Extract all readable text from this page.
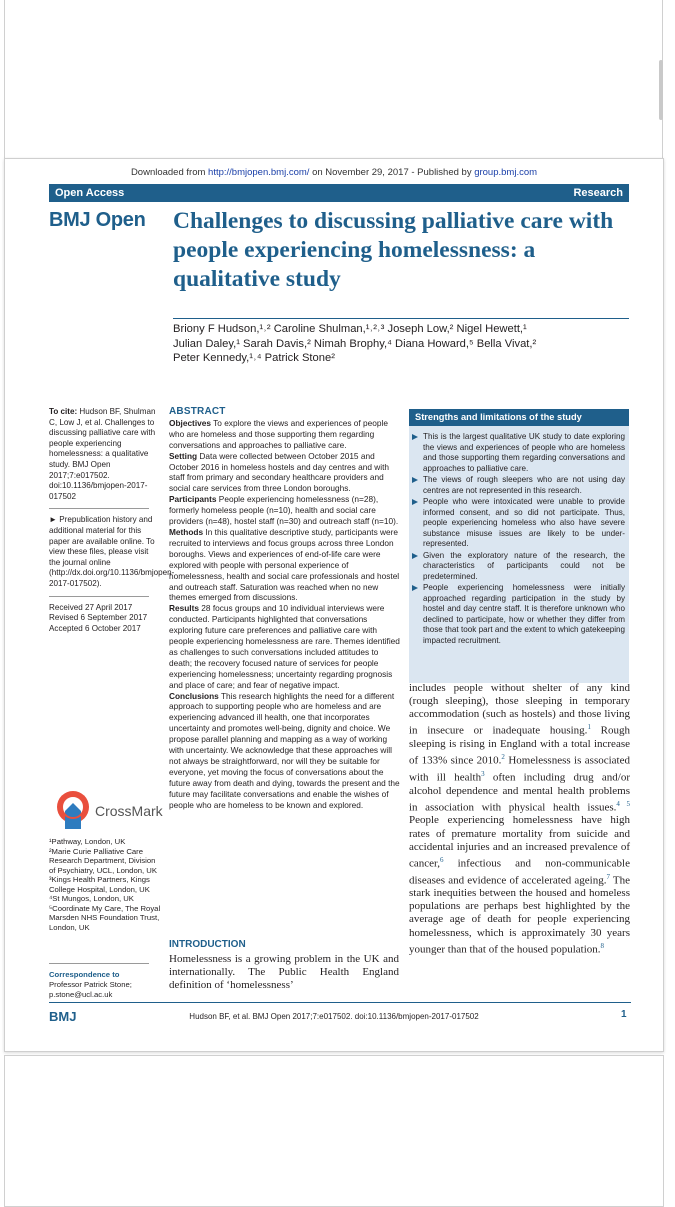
Downloaded from http://bmjopen.bmj.com/ on November 29, 2017 - Published by group.bmj.com
Open Access	Research
BMJ Open Challenges to discussing palliative care with people experiencing homelessness: a qualitative study
Briony F Hudson,¹˒² Caroline Shulman,¹˒²˒³ Joseph Low,² Nigel Hewett,¹
Julian Daley,¹ Sarah Davis,² Nimah Brophy,⁴ Diana Howard,⁵ Bella Vivat,²
Peter Kennedy,¹˒⁴ Patrick Stone²
To cite: Hudson BF, Shulman C, Low J, et al. Challenges to discussing palliative care with people experiencing homelessness: a qualitative study. BMJ Open 2017;7:e017502. doi:10.1136/bmjopen-2017-017502
► Prepublication history and additional material for this paper are available online. To view these files, please visit the journal online (http://dx.doi.org/10.1136/bmjopen-2017-017502).
Received 27 April 2017
Revised 6 September 2017
Accepted 6 October 2017
CrossMark
¹Pathway, London, UK
²Marie Curie Palliative Care Research Department, Division of Psychiatry, UCL, London, UK
³Kings Health Partners, Kings College Hospital, London, UK
⁴St Mungos, London, UK
⁵Coordinate My Care, The Royal Marsden NHS Foundation Trust, London, UK
Correspondence to
Professor Patrick Stone;
p.stone@ucl.ac.uk
ABSTRACT

Objectives To explore the views and experiences of people who are homeless and those supporting them regarding conversations and approaches to palliative care.

Setting Data were collected between October 2015 and October 2016 in homeless hostels and day centres and with staff from primary and secondary healthcare providers and social care services from three London boroughs.

Participants People experiencing homelessness (n=28), formerly homeless people (n=10), health and social care providers (n=48), hostel staff (n=30) and outreach staff (n=10).

Methods In this qualitative descriptive study, participants were recruited to interviews and focus groups across three London boroughs. Views and experiences of end-of-life care were explored with people with personal experience of homelessness, health and social care professionals and hostel and outreach staff. Saturation was reached when no new themes emerged from discussions.

Results 28 focus groups and 10 individual interviews were conducted. Participants highlighted that conversations exploring future care preferences and palliative care with people experiencing homelessness are rare. Themes identified as challenges to such conversations included attitudes to death; the recovery focused nature of services for people experiencing homelessness; uncertainty regarding prognosis and place of care; and fear of negative impact.

Conclusions This research highlights the need for a different approach to supporting people who are homeless and are experiencing advanced ill health, one that incorporates uncertainty and promotes well-being, dignity and choice. We propose parallel planning and mapping as a way of working with uncertainty. We acknowledge that these approaches will not always be straightforward, nor will they be suitable for everyone, yet moving the focus of conversations about the future away from death and dying, towards the present and the future may facilitate conversations and enable the wishes of people who are homeless to be known and explored.

INTRODUCTION
Homelessness is a growing problem in the UK and internationally. The Public Health England definition of ‘homelessness’
Strengths and limitations of the study
This is the largest qualitative UK study to date exploring the views and experiences of people who are homeless and those supporting them regarding conversations and approaches to palliative care.
The views of rough sleepers who are not using day centres are not represented in this research.
People who were intoxicated were unable to provide informed consent, and so did not participate. Thus, people experiencing homeless who also have severe substance misuse issues are likely to be under-represented.
Given the exploratory nature of the research, the characteristics of participants could not be predetermined.
People experiencing homelessness were initially approached regarding participation in the study by hostel and day centre staff. It is therefore unknown who declined to participate, how or whether they differ from those that took part and the extent to which gatekeeping impacted recruitment.
includes people without shelter of any kind (rough sleeping), those sleeping in temporary accommodation (such as hostels) and those living in insecure or inadequate housing.$^1$ Rough sleeping is rising in England with a total increase of 133% since 2010.$^2$ Homelessness is associated with ill health$^3$ often including drug and/or alcohol dependence and mental health problems in association with physical health issues.$^{4 5}$ People experiencing homelessness have high rates of premature mortality from suicide and accidental injuries and an increased prevalence of cancer,$^6$ infectious and non-communicable diseases and evidence of accelerated ageing.$^7$ The stark inequities between the housed and homeless populations are perhaps best highlighted by the average age of death for people experiencing homelessness, which is approximately 30 years younger than that of the housed population.$^8$
BMJ	Hudson BF, et al. BMJ Open 2017;7:e017502. doi:10.1136/bmjopen-2017-017502	1
